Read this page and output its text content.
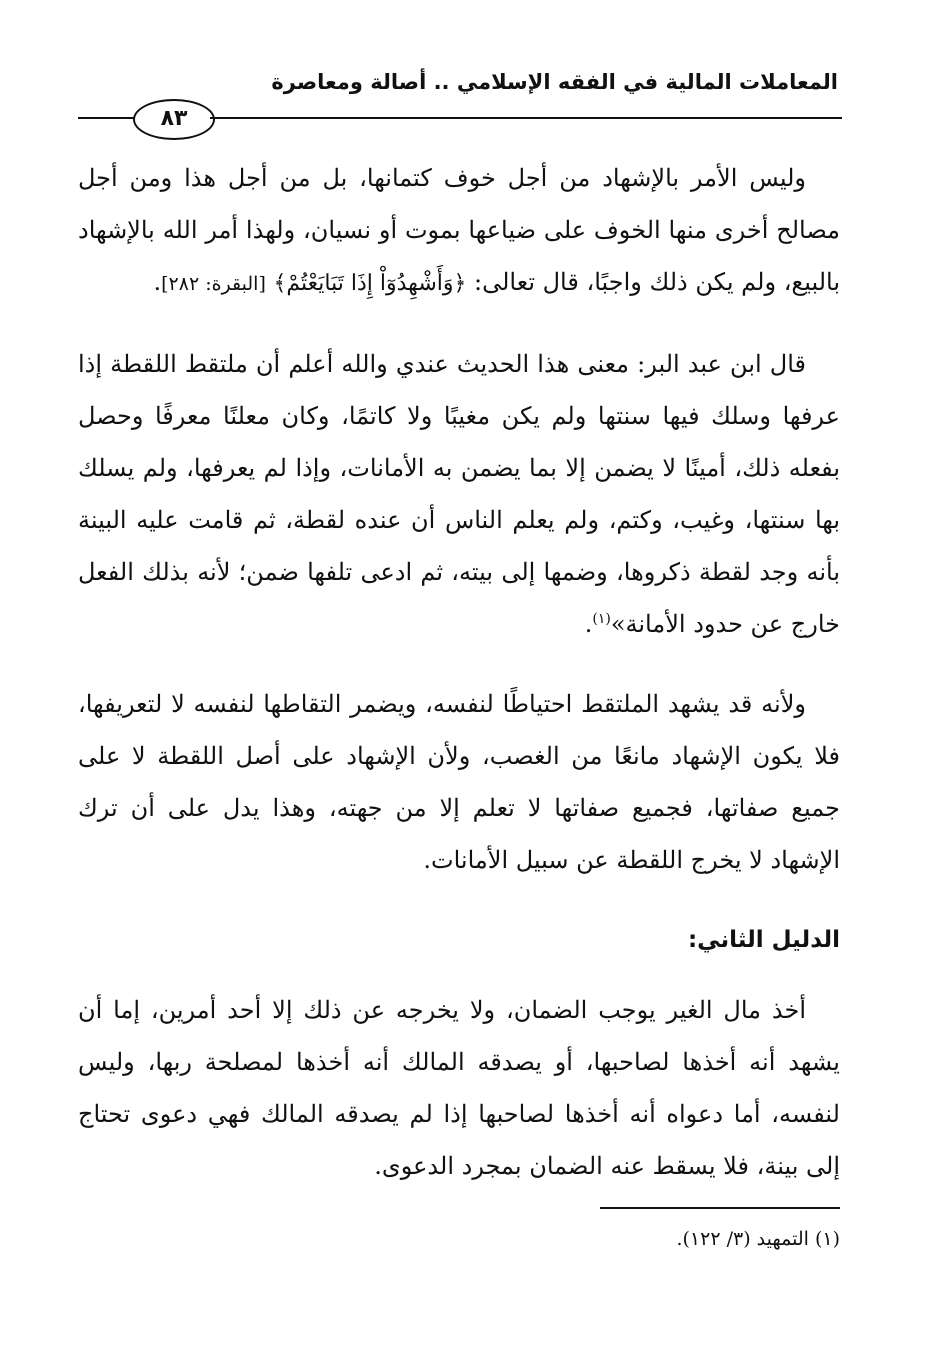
المعاملات المالية في الفقه الإسلامي .. أصالة ومعاصرة
٨٣

وليس الأمر بالإشهاد من أجل خوف كتمانها، بل من أجل هذا ومن أجل مصالح أخرى منها الخوف على ضياعها بموت أو نسيان، ولهذا أمر الله بالإشهاد بالبيع، ولم يكن ذلك واجبًا، قال تعالى: ﴿وَأَشْهِدُوٓاْ إِذَا تَبَايَعْتُمْ﴾ [البقرة: ٢٨٢].

قال ابن عبد البر: معنى هذا الحديث عندي والله أعلم أن ملتقط اللقطة إذا عرفها وسلك فيها سنتها ولم يكن مغيبًا ولا كاتمًا، وكان معلنًا معرفًا وحصل بفعله ذلك، أمينًا لا يضمن إلا بما يضمن به الأمانات، وإذا لم يعرفها، ولم يسلك بها سنتها، وغيب، وكتم، ولم يعلم الناس أن عنده لقطة، ثم قامت عليه البينة بأنه وجد لقطة ذكروها، وضمها إلى بيته، ثم ادعى تلفها ضمن؛ لأنه بذلك الفعل خارج عن حدود الأمانة»$^{(١)}$.

ولأنه قد يشهد الملتقط احتياطًا لنفسه، ويضمر التقاطها لنفسه لا لتعريفها، فلا يكون الإشهاد مانعًا من الغصب، ولأن الإشهاد على أصل اللقطة لا على جميع صفاتها، فجميع صفاتها لا تعلم إلا من جهته، وهذا يدل على أن ترك الإشهاد لا يخرج اللقطة عن سبيل الأمانات.

الدليل الثاني:

أخذ مال الغير يوجب الضمان، ولا يخرجه عن ذلك إلا أحد أمرين، إما أن يشهد أنه أخذها لصاحبها، أو يصدقه المالك أنه أخذها لمصلحة ربها، وليس لنفسه، أما دعواه أنه أخذها لصاحبها إذا لم يصدقه المالك فهي دعوى تحتاج إلى بينة، فلا يسقط عنه الضمان بمجرد الدعوى.

(١) التمهيد (٣/ ١٢٢).
